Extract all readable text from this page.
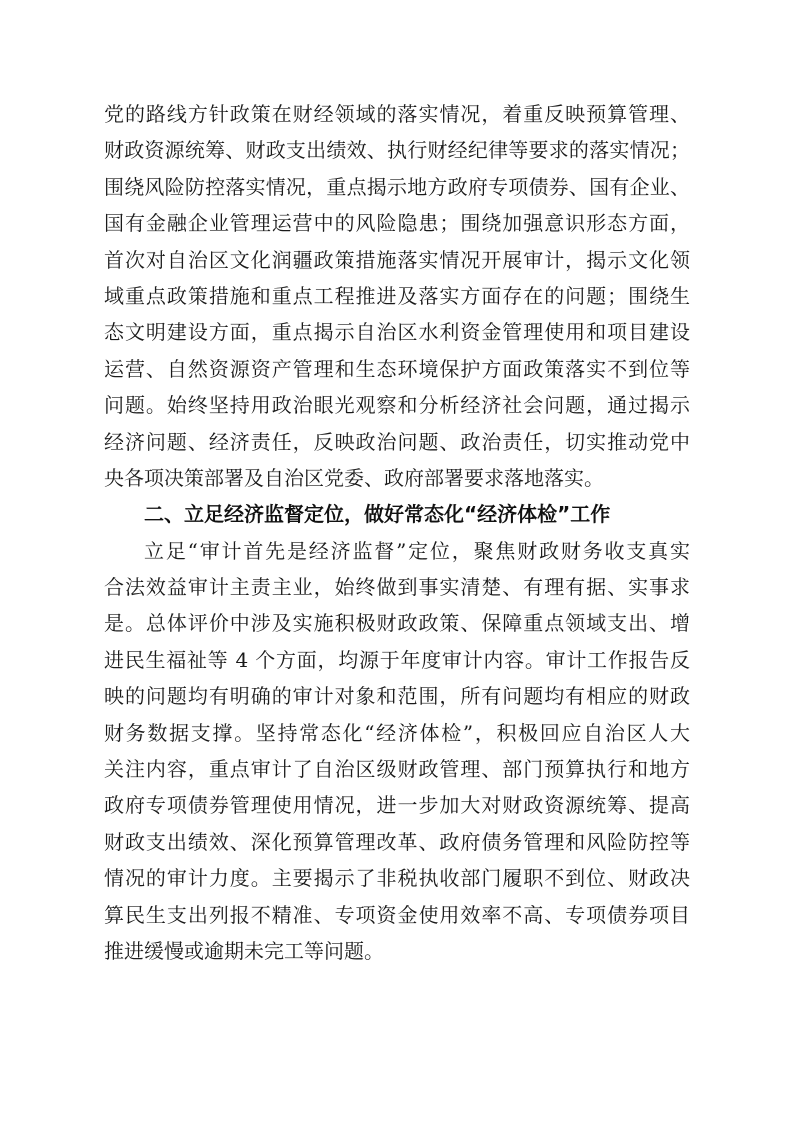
党的路线方针政策在财经领域的落实情况，着重反映预算管理、
财政资源统筹、财政支出绩效、执行财经纪律等要求的落实情况；
围绕风险防控落实情况，重点揭示地方政府专项债券、国有企业、
国有金融企业管理运营中的风险隐患；围绕加强意识形态方面，
首次对自治区文化润疆政策措施落实情况开展审计，揭示文化领
域重点政策措施和重点工程推进及落实方面存在的问题；围绕生
态文明建设方面，重点揭示自治区水利资金管理使用和项目建设
运营、自然资源资产管理和生态环境保护方面政策落实不到位等
问题。始终坚持用政治眼光观察和分析经济社会问题，通过揭示
经济问题、经济责任，反映政治问题、政治责任，切实推动党中
央各项决策部署及自治区党委、政府部署要求落地落实。
二、立足经济监督定位，做好常态化“经济体检”工作
立足“审计首先是经济监督”定位，聚焦财政财务收支真实
合法效益审计主责主业，始终做到事实清楚、有理有据、实事求
是。总体评价中涉及实施积极财政政策、保障重点领域支出、增
进民生福祉等 4 个方面，均源于年度审计内容。审计工作报告反
映的问题均有明确的审计对象和范围，所有问题均有相应的财政
财务数据支撑。坚持常态化“经济体检”，积极回应自治区人大
关注内容，重点审计了自治区级财政管理、部门预算执行和地方
政府专项债券管理使用情况，进一步加大对财政资源统筹、提高
财政支出绩效、深化预算管理改革、政府债务管理和风险防控等
情况的审计力度。主要揭示了非税执收部门履职不到位、财政决
算民生支出列报不精准、专项资金使用效率不高、专项债券项目
推进缓慢或逾期未完工等问题。
